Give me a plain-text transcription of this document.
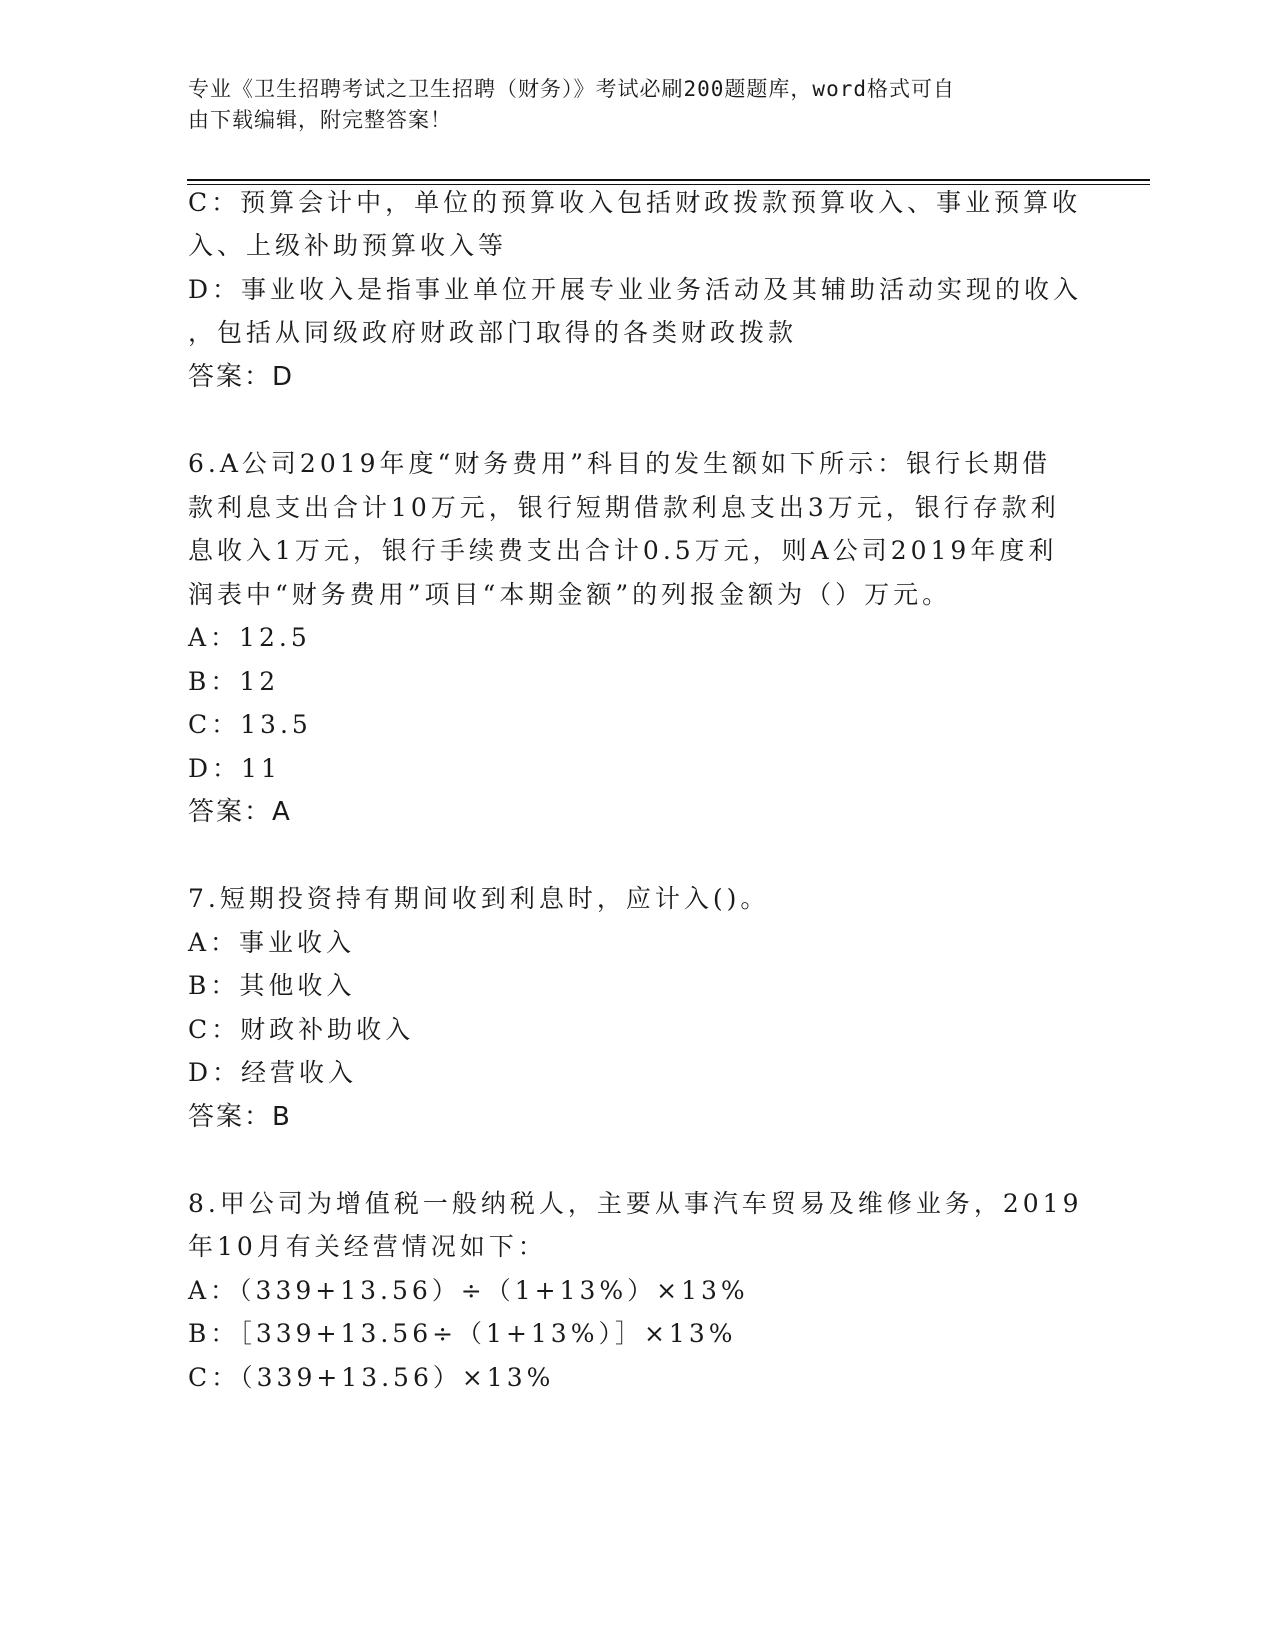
专业《卫生招聘考试之卫生招聘（财务）》考试必刷200题题库，word格式可自
由下载编辑，附完整答案！
C：预算会计中，单位的预算收入包括财政拨款预算收入、事业预算收
入、上级补助预算收入等
D：事业收入是指事业单位开展专业业务活动及其辅助活动实现的收入
，包括从同级政府财政部门取得的各类财政拨款
答案：D
6.A公司2019年度“财务费用”科目的发生额如下所示：银行长期借
款利息支出合计10万元，银行短期借款利息支出3万元，银行存款利
息收入1万元，银行手续费支出合计0.5万元，则A公司2019年度利
润表中“财务费用”项目“本期金额”的列报金额为（）万元。
A：12.5
B：12
C：13.5
D：11
答案：A
7.短期投资持有期间收到利息时，应计入()。
A：事业收入
B：其他收入
C：财政补助收入
D：经营收入
答案：B
8.甲公司为增值税一般纳税人，主要从事汽车贸易及维修业务，2019
年10月有关经营情况如下：
A：（339+13.56）÷（1+13%）×13%
B：［339+13.56÷（1+13%）］×13%
C：（339+13.56）×13%
